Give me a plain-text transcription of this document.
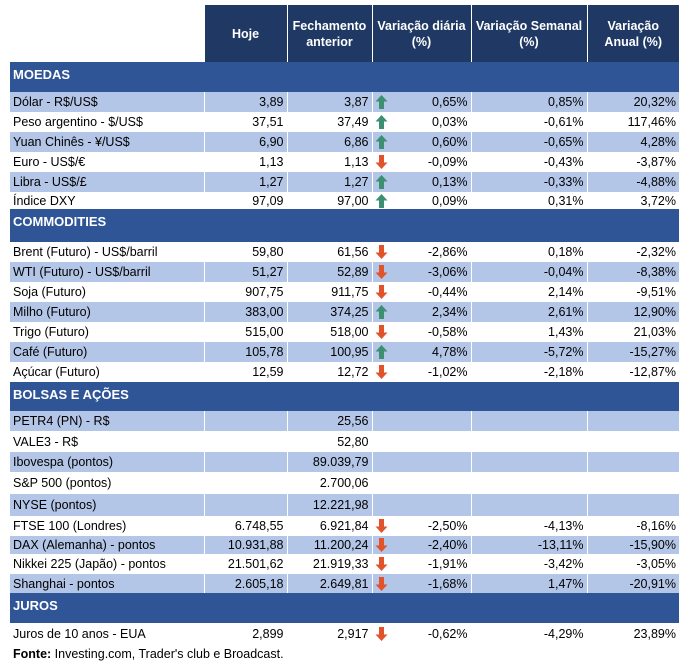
	Hoje	Fechamento anterior	Variação diária (%)	Variação Semanal (%)	Variação Anual (%)
MOEDAS					
Dólar - R$/US$	3,89	3,87	0,65%	0,85%	20,32%
Peso argentino - $/US$	37,51	37,49	0,03%	-0,61%	117,46%
Yuan Chinês - ¥/US$	6,90	6,86	0,60%	-0,65%	4,28%
Euro - US$/€	1,13	1,13	-0,09%	-0,43%	-3,87%
Libra - US$/£	1,27	1,27	0,13%	-0,33%	-4,88%
Índice DXY	97,09	97,00	0,09%	0,31%	3,72%
COMMODITIES					
Brent (Futuro) - US$/barril	59,80	61,56	-2,86%	0,18%	-2,32%
WTI (Futuro) - US$/barril	51,27	52,89	-3,06%	-0,04%	-8,38%
Soja (Futuro)	907,75	911,75	-0,44%	2,14%	-9,51%
Milho (Futuro)	383,00	374,25	2,34%	2,61%	12,90%
Trigo (Futuro)	515,00	518,00	-0,58%	1,43%	21,03%
Café (Futuro)	105,78	100,95	4,78%	-5,72%	-15,27%
Açúcar (Futuro)	12,59	12,72	-1,02%	-2,18%	-12,87%
BOLSAS E AÇÕES					
PETR4 (PN) - R$		25,56			
VALE3 - R$		52,80			
Ibovespa (pontos)		89.039,79			
S&P 500 (pontos)		2.700,06			
NYSE (pontos)		12.221,98			
FTSE 100 (Londres)	6.748,55	6.921,84	-2,50%	-4,13%	-8,16%
DAX (Alemanha) - pontos	10.931,88	11.200,24	-2,40%	-13,11%	-15,90%
Nikkei 225 (Japão) - pontos	21.501,62	21.919,33	-1,91%	-3,42%	-3,05%
Shanghai - pontos	2.605,18	2.649,81	-1,68%	1,47%	-20,91%
JUROS					
Juros de 10 anos - EUA	2,899	2,917	-0,62%	-4,29%	23,89%
Fonte: Investing.com, Trader's club e Broadcast.					
